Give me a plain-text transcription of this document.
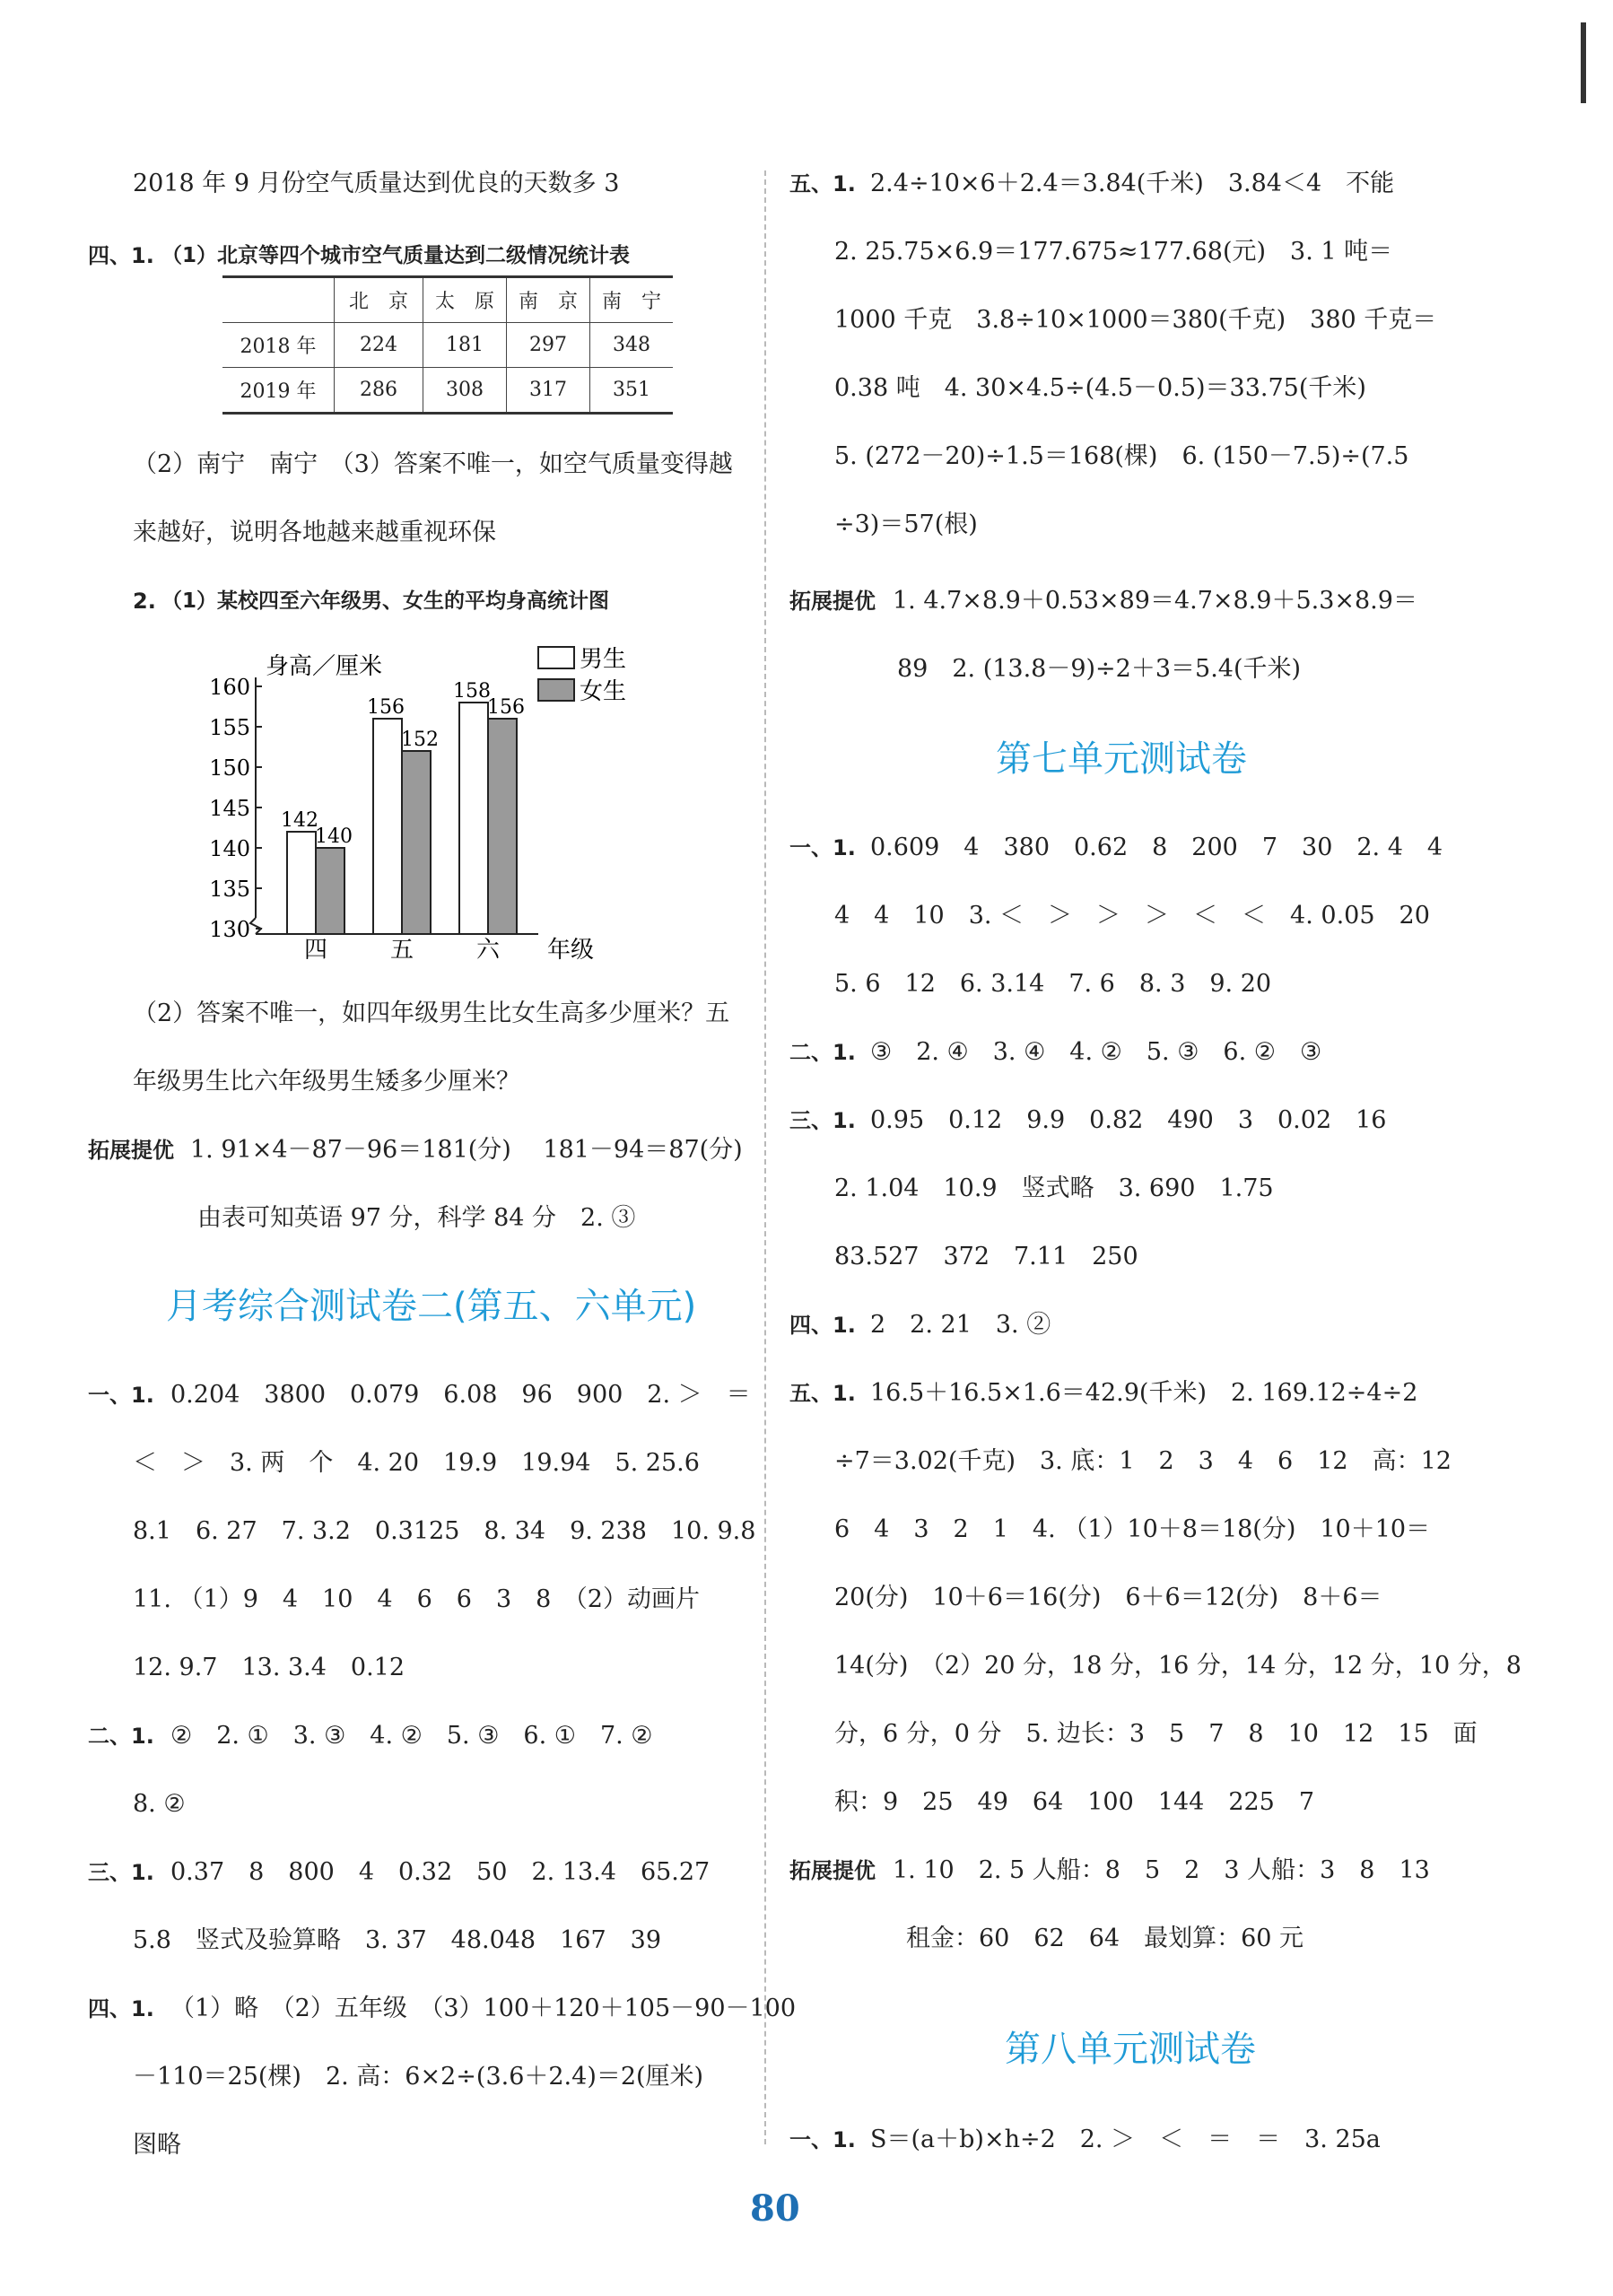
2018 年 9 月份空气质量达到优良的天数多 3
四、1. （1）北京等四个城市空气质量达到二级情况统计表
	北　京	太　原	南　京	南　宁
2018 年	224	181	297	348
2019 年	286	308	317	351
（2）南宁　南宁　（3）答案不唯一，如空气质量变得越
来越好，说明各地越来越重视环保
2. （1）某校四至六年级男、女生的平均身高统计图
130
135
140
145
150
155
160
142
140
156
152
158
156
四	五	六
男生
女生
身高／厘米
年级
（2）答案不唯一，如四年级男生比女生高多少厘米？五
年级男生比六年级男生矮多少厘米？
拓展提优 1. 91×4－87－96＝181(分)　 181－94＝87(分)
由表可知英语 97 分，科学 84 分　2. ③
月考综合测试卷二(第五、六单元)
一、1. 0.204　3800　0.079　6.08　96　900　2. ＞　＝
＜　＞　3. 两　个　4. 20　19.9　19.94　5. 25.6
8.1　6. 27　7. 3.2　0.3125　8. 34　9. 238　10. 9.8
11. （1）9　4　10　4　6　6　3　8　（2）动画片
12. 9.7　13. 3.4　0.12
二、1. ②　2. ①　3. ③　4. ②　5. ③　6. ①　7. ②
8. ②
三、1. 0.37　8　800　4　0.32　50　2. 13.4　65.27
5.8　竖式及验算略　3. 37　48.048　167　39
四、1. （1）略　（2）五年级　（3）100＋120＋105－90－100
－110＝25(棵)　2. 高：6×2÷(3.6＋2.4)＝2(厘米)
图略
五、1. 2.4÷10×6＋2.4＝3.84(千米)　3.84＜4　不能
2. 25.75×6.9＝177.675≈177.68(元)　3. 1 吨＝
1000 千克　3.8÷10×1000＝380(千克)　380 千克＝
0.38 吨　4. 30×4.5÷(4.5－0.5)＝33.75(千米)
5. (272－20)÷1.5＝168(棵)　6. (150－7.5)÷(7.5
÷3)＝57(根)
拓展提优 1. 4.7×8.9＋0.53×89＝4.7×8.9＋5.3×8.9＝
89　2. (13.8－9)÷2＋3＝5.4(千米)
第七单元测试卷
一、1. 0.609　4　380　0.62　8　200　7　30　2. 4　4
4　4　10　3. ＜　＞　＞　＞　＜　＜　4. 0.05　20
5. 6　12　6. 3.14　7. 6　8. 3　9. 20
二、1. ③　2. ④　3. ④　4. ②　5. ③　6. ②　③
三、1. 0.95　0.12　9.9　0.82　490　3　0.02　16
2. 1.04　10.9　竖式略　3. 690　1.75
83.527　372　7.11　250
四、1. 2　2. 21　3. ②
五、1. 16.5＋16.5×1.6＝42.9(千米)　2. 169.12÷4÷2
÷7＝3.02(千克)　3. 底：1　2　3　4　6　12　高：12
6　4　3　2　1　4. （1）10＋8＝18(分)　10＋10＝
20(分)　10＋6＝16(分)　6＋6＝12(分)　8＋6＝
14(分)　（2）20 分，18 分，16 分，14 分，12 分，10 分，8
分，6 分，0 分　5. 边长：3　5　7　8　10　12　15　面
积：9　25　49　64　100　144　225　7
拓展提优 1. 10　2. 5 人船：8　5　2　3 人船：3　8　13
租金：60　62　64　最划算：60 元
第八单元测试卷
一、1. S＝(a＋b)×h÷2　2. ＞　＜　＝　＝　3. 25a
80
